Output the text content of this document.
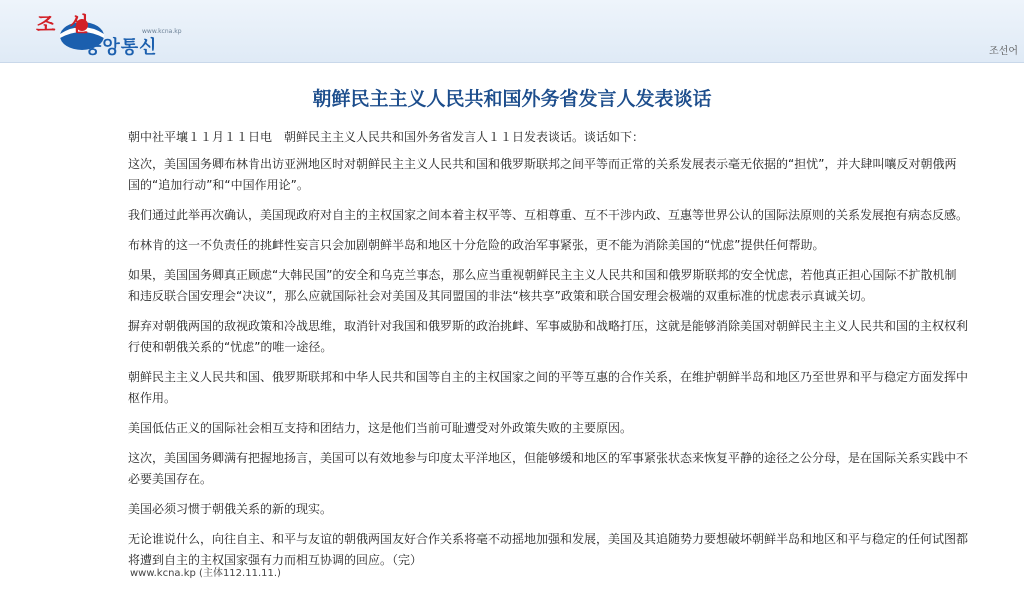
조선	www.kcna.kp
중앙통신	조선어
朝鲜民主主义人民共和国外务省发言人发表谈话

朝中社平壤１１月１１日电　朝鲜民主主义人民共和国外务省发言人１１日发表谈话。谈话如下：

这次，美国国务卿布林肯出访亚洲地区时对朝鲜民主主义人民共和国和俄罗斯联邦之间平等而正常的关系发展表示毫无依据的“担忧”，并大肆叫嚷反对朝俄两国的“追加行动”和“中国作用论”。

我们通过此举再次确认，美国现政府对自主的主权国家之间本着主权平等、互相尊重、互不干涉内政、互惠等世界公认的国际法原则的关系发展抱有病态反感。

布林肯的这一不负责任的挑衅性妄言只会加剧朝鲜半岛和地区十分危险的政治军事紧张，更不能为消除美国的“忧虑”提供任何帮助。

如果，美国国务卿真正顾虑“大韩民国”的安全和乌克兰事态，那么应当重视朝鲜民主主义人民共和国和俄罗斯联邦的安全忧虑，若他真正担心国际不扩散机制和违反联合国安理会“决议”，那么应就国际社会对美国及其同盟国的非法“核共享”政策和联合国安理会极端的双重标准的忧虑表示真诚关切。

摒弃对朝俄两国的敌视政策和冷战思维，取消针对我国和俄罗斯的政治挑衅、军事威胁和战略打压，这就是能够消除美国对朝鲜民主主义人民共和国的主权权利行使和朝俄关系的“忧虑”的唯一途径。

朝鲜民主主义人民共和国、俄罗斯联邦和中华人民共和国等自主的主权国家之间的平等互惠的合作关系，在维护朝鲜半岛和地区乃至世界和平与稳定方面发挥中枢作用。

美国低估正义的国际社会相互支持和团结力，这是他们当前可耻遭受对外政策失败的主要原因。

这次，美国国务卿满有把握地扬言，美国可以有效地参与印度太平洋地区，但能够缓和地区的军事紧张状态来恢复平静的途径之公分母，是在国际关系实践中不必要美国存在。

美国必须习惯于朝俄关系的新的现实。

无论谁说什么，向往自主、和平与友谊的朝俄两国友好合作关系将毫不动摇地加强和发展，美国及其追随势力要想破坏朝鲜半岛和地区和平与稳定的任何试图都将遭到自主的主权国家强有力而相互协调的回应。（完）

www.kcna.kp (主体112.11.11.)
